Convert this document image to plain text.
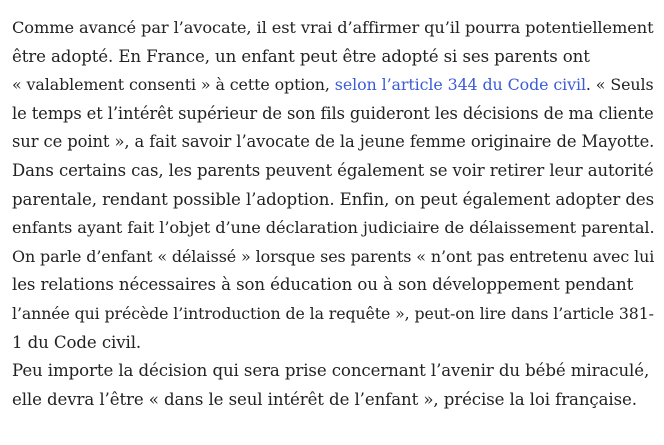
Comme avancé par l’avocate, il est vrai d’affirmer qu’il pourra potentiellement
être adopté. En France, un enfant peut être adopté si ses parents ont
« valablement consenti » à cette option, selon l’article 344 du Code civil. « Seuls
le temps et l’intérêt supérieur de son fils guideront les décisions de ma cliente
sur ce point », a fait savoir l’avocate de la jeune femme originaire de Mayotte.
Dans certains cas, les parents peuvent également se voir retirer leur autorité
parentale, rendant possible l’adoption. Enfin, on peut également adopter des
enfants ayant fait l’objet d’une déclaration judiciaire de délaissement parental.
On parle d’enfant « délaissé » lorsque ses parents « n’ont pas entretenu avec lui
les relations nécessaires à son éducation ou à son développement pendant
l’année qui précède l’introduction de la requête », peut-on lire dans l’article 381-
1 du Code civil.

Peu importe la décision qui sera prise concernant l’avenir du bébé miraculé,
elle devra l’être « dans le seul intérêt de l’enfant », précise la loi française.
